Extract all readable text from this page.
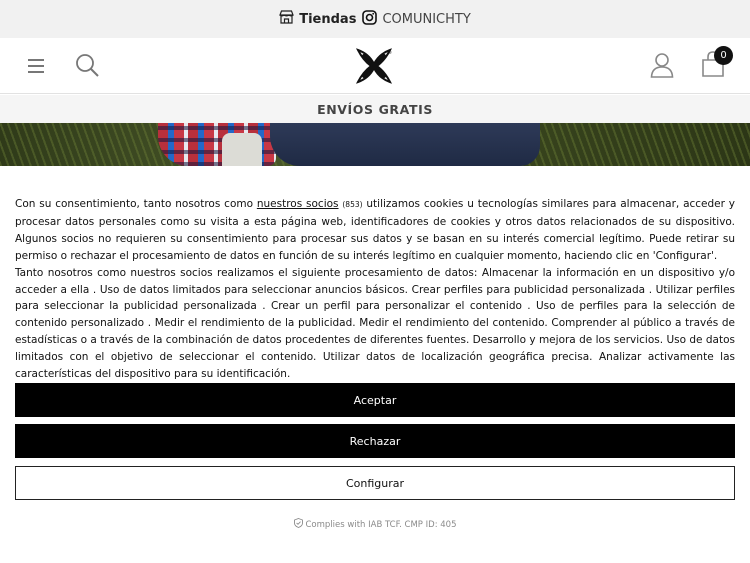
Tiendas COMUNICHTY
®	0
ENVÍOS GRATIS

Con su consentimiento, tanto nosotros como nuestros socios (853) utilizamos cookies u tecnologías similares para almacenar, acceder y procesar datos personales como su visita a esta página web, identificadores de cookies y otros datos relacionados de su dispositivo. Algunos socios no requieren su consentimiento para procesar sus datos y se basan en su interés comercial legítimo. Puede retirar su permiso o rechazar el procesamiento de datos en función de su interés legítimo en cualquier momento, haciendo clic en 'Configurar'.

Tanto nosotros como nuestros socios realizamos el siguiente procesamiento de datos: Almacenar la información en un dispositivo y/o acceder a ella . Uso de datos limitados para seleccionar anuncios básicos. Crear perfiles para publicidad personalizada . Utilizar perfiles para seleccionar la publicidad personalizada . Crear un perfil para personalizar el contenido . Uso de perfiles para la selección de contenido personalizado . Medir el rendimiento de la publicidad. Medir el rendimiento del contenido. Comprender al público a través de estadísticas o a través de la combinación de datos procedentes de diferentes fuentes. Desarrollo y mejora de los servicios. Uso de datos limitados con el objetivo de seleccionar el contenido. Utilizar datos de localización geográfica precisa. Analizar activamente las características del dispositivo para su identificación.

Aceptar
Rechazar
Configurar
Complies with IAB TCF. CMP ID: 405
